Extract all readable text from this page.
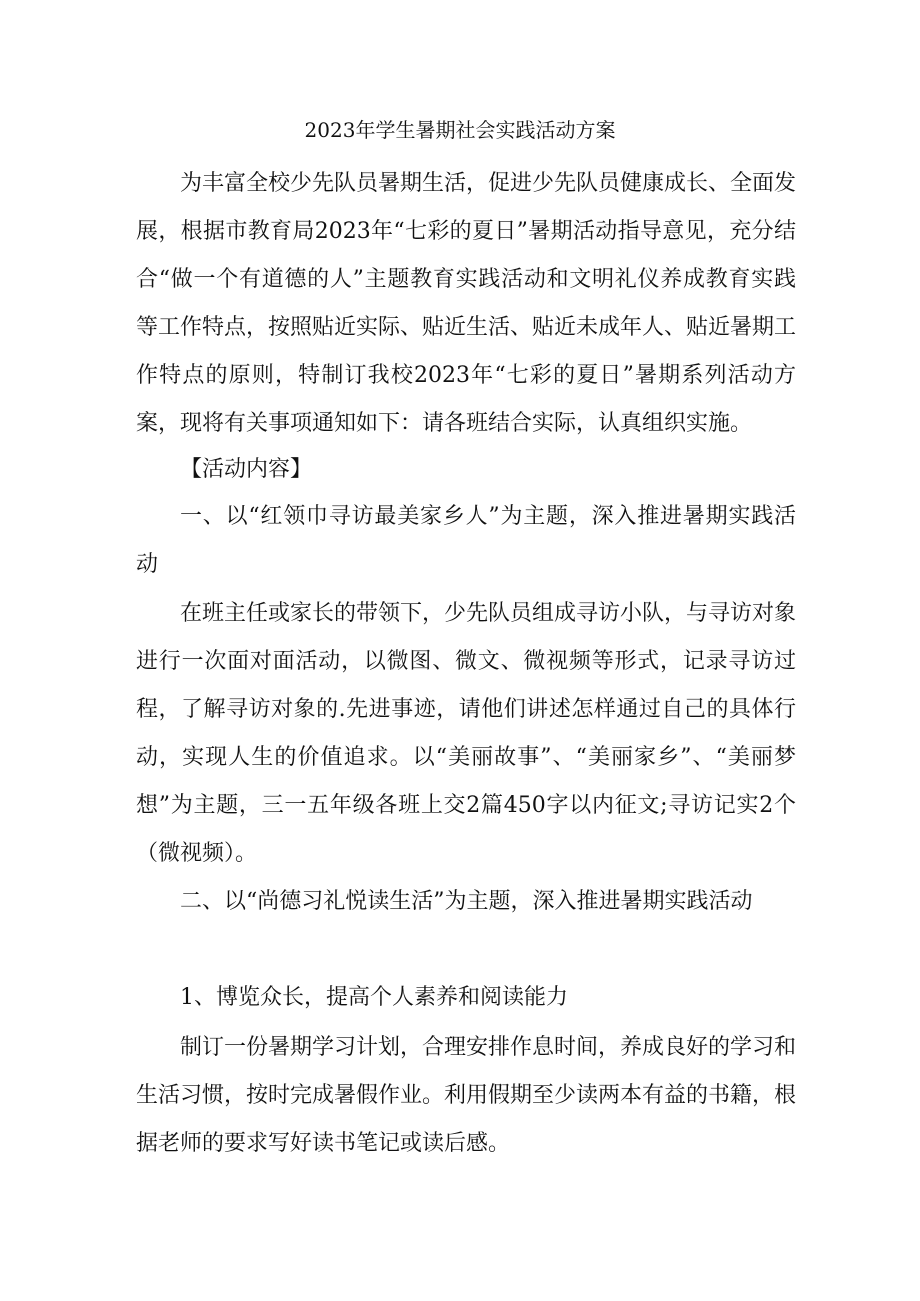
2023年学生暑期社会实践活动方案

为丰富全校少先队员暑期生活，促进少先队员健康成长、全面发展，根据市教育局2023年“七彩的夏日”暑期活动指导意见，充分结合“做一个有道德的人”主题教育实践活动和文明礼仪养成教育实践等工作特点，按照贴近实际、贴近生活、贴近未成年人、贴近暑期工作特点的原则，特制订我校2023年“七彩的夏日”暑期系列活动方案，现将有关事项通知如下：请各班结合实际，认真组织实施。

【活动内容】

一、以“红领巾寻访最美家乡人”为主题，深入推进暑期实践活动

在班主任或家长的带领下，少先队员组成寻访小队，与寻访对象进行一次面对面活动，以微图、微文、微视频等形式，记录寻访过程，了解寻访对象的.先进事迹，请他们讲述怎样通过自己的具体行动，实现人生的价值追求。以“美丽故事”、“美丽家乡”、“美丽梦想”为主题，三一五年级各班上交2篇450字以内征文;寻访记实2个（微视频）。

二、以“尚德习礼悦读生活”为主题，深入推进暑期实践活动

1、博览众长，提高个人素养和阅读能力

制订一份暑期学习计划，合理安排作息时间，养成良好的学习和生活习惯，按时完成暑假作业。利用假期至少读两本有益的书籍，根据老师的要求写好读书笔记或读后感。
